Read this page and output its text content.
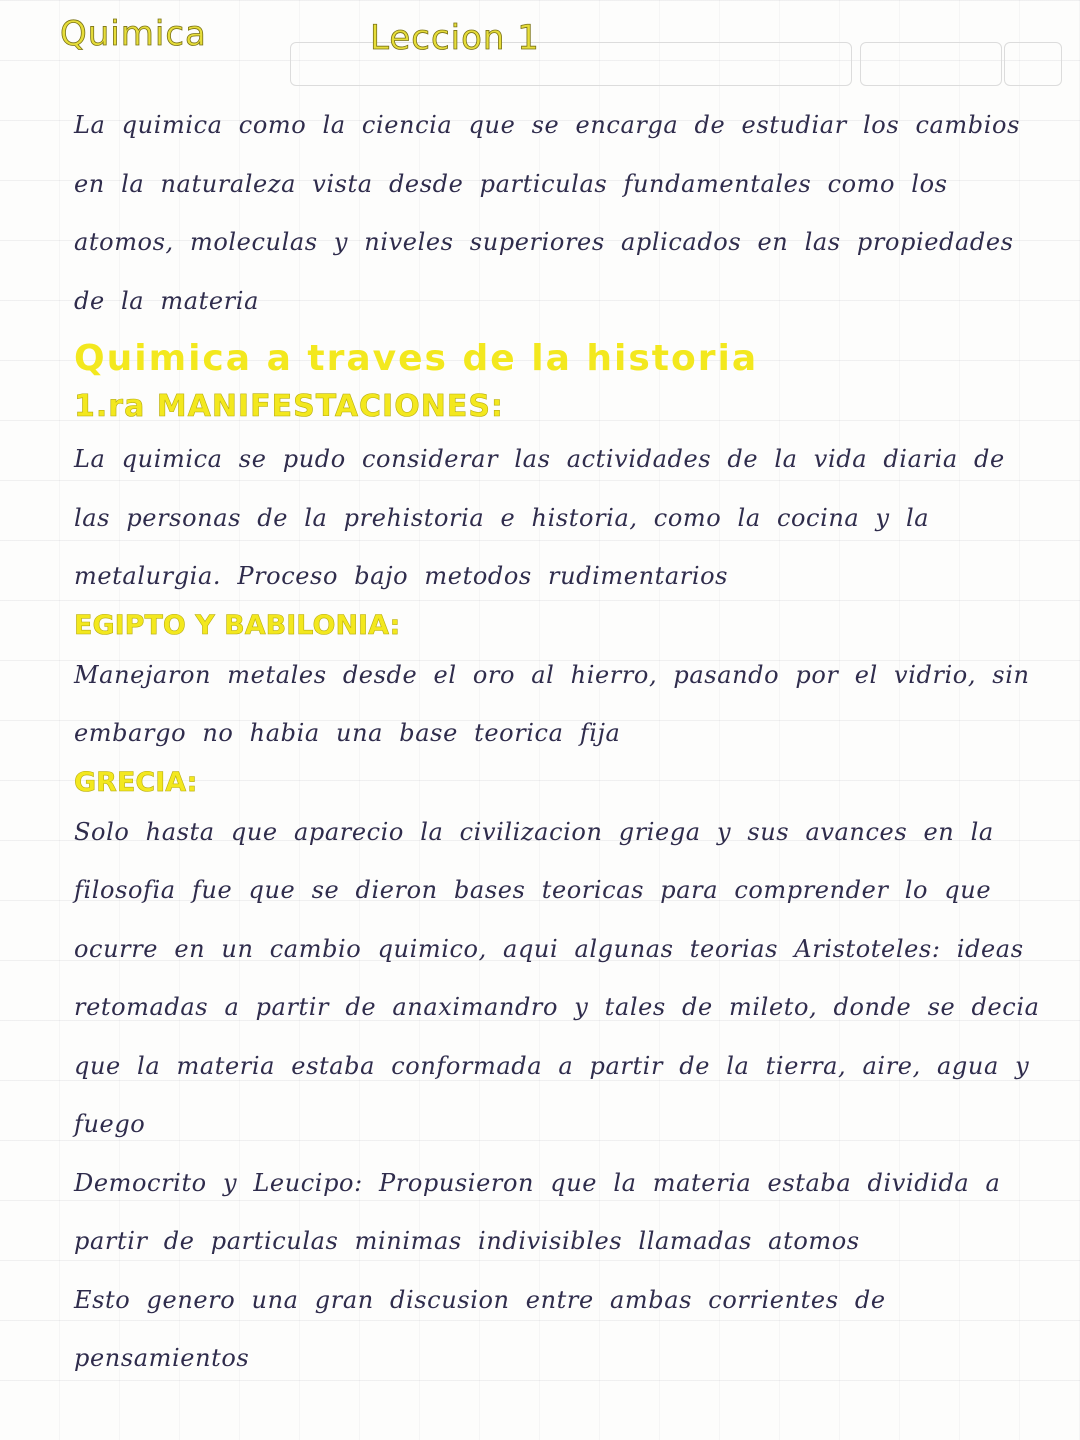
Quimica	Leccion 1

La quimica como la ciencia que se encarga de estudiar los cambios en la naturaleza vista desde particulas fundamentales como los atomos, moleculas y niveles superiores aplicados en las propiedades de la materia

Quimica a traves de la historia

1.ra MANIFESTACIONES:

La quimica se pudo considerar las actividades de la vida diaria de las personas de la prehistoria e historia, como la cocina y la metalurgia. Proceso bajo metodos rudimentarios

EGIPTO Y BABILONIA:

Manejaron metales desde el oro al hierro, pasando por el vidrio, sin embargo no habia una base teorica fija

GRECIA:

Solo hasta que aparecio la civilizacion griega y sus avances en la filosofia fue que se dieron bases teoricas para comprender lo que ocurre en un cambio quimico, aqui algunas teorias Aristoteles: ideas retomadas a partir de anaximandro y tales de mileto, donde se decia que la materia estaba conformada a partir de la tierra, aire, agua y fuego

Democrito y Leucipo: Propusieron que la materia estaba dividida a partir de particulas minimas indivisibles llamadas atomos

Esto genero una gran discusion entre ambas corrientes de pensamientos
